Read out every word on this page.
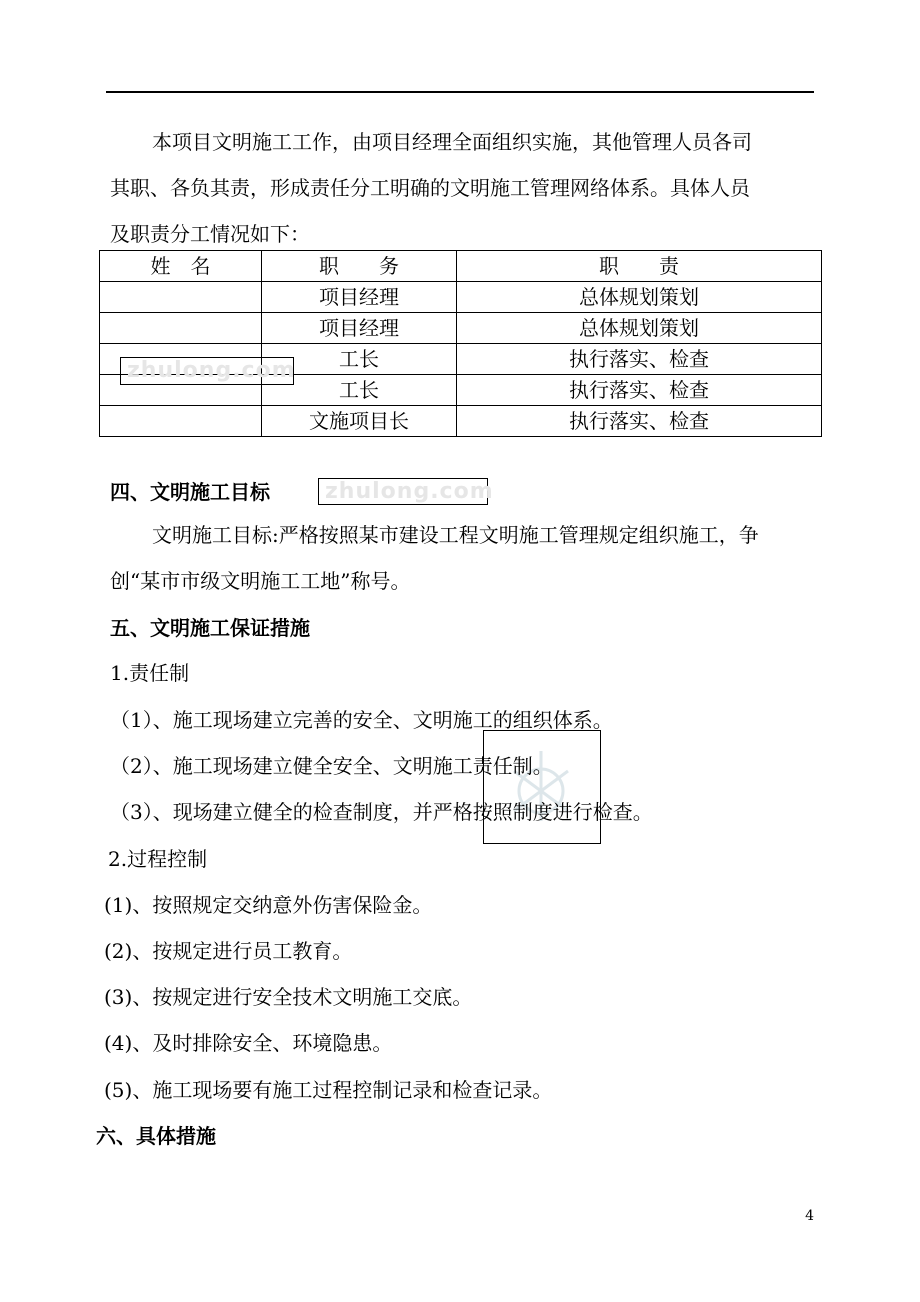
本项目文明施工工作，由项目经理全面组织实施，其他管理人员各司
其职、各负其责，形成责任分工明确的文明施工管理网络体系。具体人员
及职责分工情况如下：
姓　名	职　　务	职　　责
	项目经理	总体规划策划
	项目经理	总体规划策划
	工长	执行落实、检查
	工长	执行落实、检查
	文施项目长	执行落实、检查
zhulong.com
zhulong.com
四、文明施工目标
文明施工目标:严格按照某市建设工程文明施工管理规定组织施工，争
创“某市市级文明施工工地”称号。
五、文明施工保证措施
1.责任制
（1）、施工现场建立完善的安全、文明施工的组织体系。
（2）、施工现场建立健全安全、文明施工责任制。
（3）、现场建立健全的检查制度，并严格按照制度进行检查。
2.过程控制
(1)、按照规定交纳意外伤害保险金。
(2)、按规定进行员工教育。
(3)、按规定进行安全技术文明施工交底。
(4)、及时排除安全、环境隐患。
(5)、施工现场要有施工过程控制记录和检查记录。
六、具体措施
4
